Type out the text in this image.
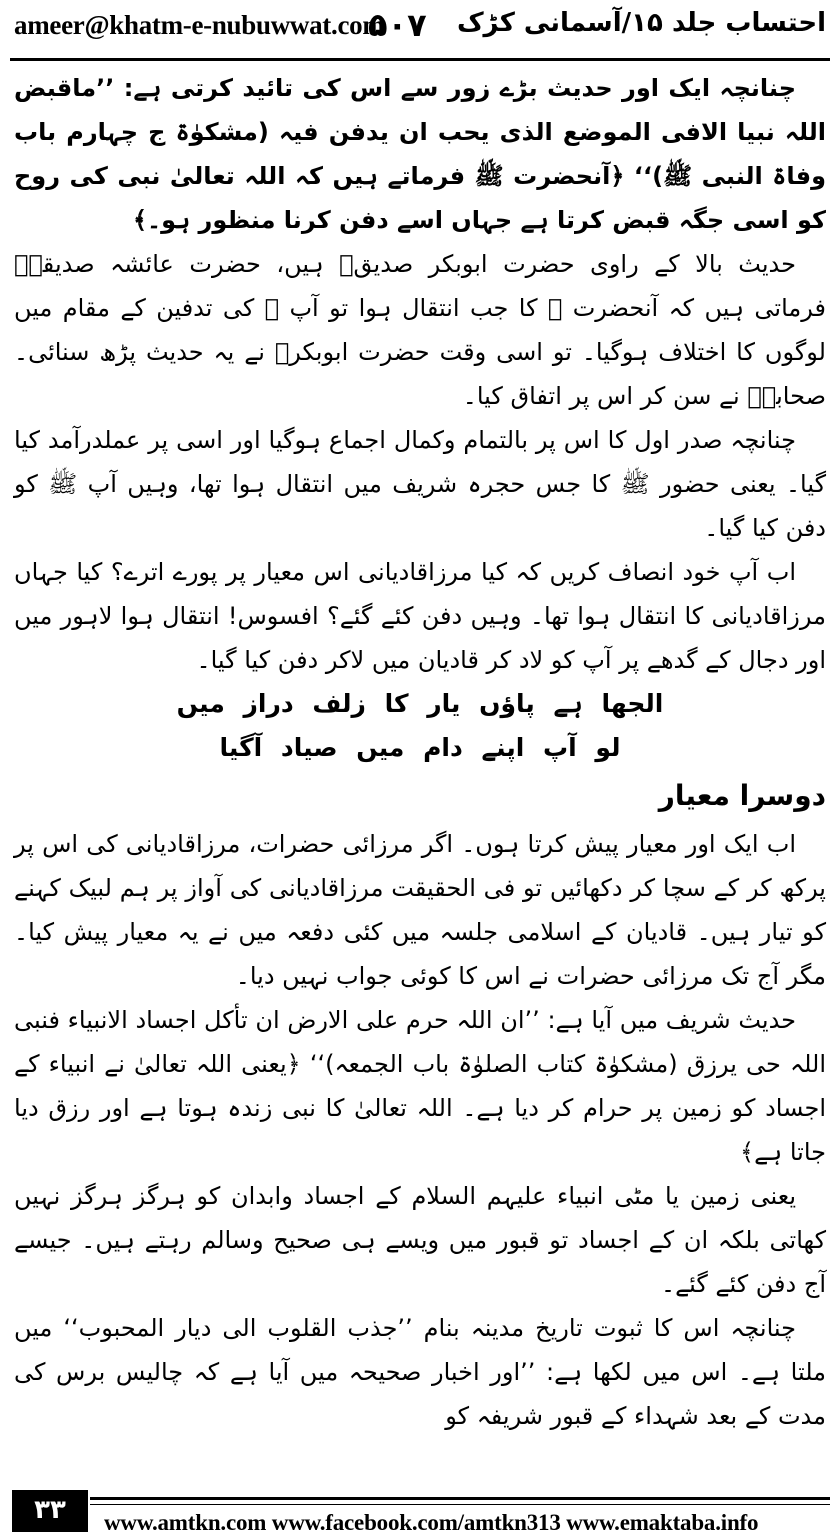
ameer@khatm-e-nubuwwat.com
۵۰۷ احتساب جلد ۱۵/آسمانی کڑک

چنانچہ ایک اور حدیث بڑے زور سے اس کی تائید کرتی ہے: ’’ماقبض اللہ نبیا الافی الموضع الذی یحب ان یدفن فیہ (مشکوٰۃ ج چہارم باب وفاۃ النبی ﷺ)‘‘ ﴿آنحضرت ﷺ فرماتے ہیں کہ اللہ تعالیٰ نبی کی روح کو اسی جگہ قبض کرتا ہے جہاں اسے دفن کرنا منظور ہو۔﴾

حدیث بالا کے راوی حضرت ابوبکر صدیقؓ ہیں، حضرت عائشہ صدیقہؓ فرماتی ہیں کہ آنحضرت ﷺ کا جب انتقال ہوا تو آپ ﷺ کی تدفین کے مقام میں لوگوں کا اختلاف ہوگیا۔ تو اسی وقت حضرت ابوبکرؓ نے یہ حدیث پڑھ سنائی۔ صحابہؓ نے سن کر اس پر اتفاق کیا۔

چنانچہ صدر اول کا اس پر بالتمام وکمال اجماع ہوگیا اور اسی پر عملدرآمد کیا گیا۔ یعنی حضور ﷺ کا جس حجرہ شریف میں انتقال ہوا تھا، وہیں آپ ﷺ کو دفن کیا گیا۔

اب آپ خود انصاف کریں کہ کیا مرزاقادیانی اس معیار پر پورے اترے؟ کیا جہاں مرزاقادیانی کا انتقال ہوا تھا۔ وہیں دفن کئے گئے؟ افسوس! انتقال ہوا لاہور میں اور دجال کے گدھے پر آپ کو لاد کر قادیان میں لاکر دفن کیا گیا۔

الجھا ہے پاؤں یار کا زلف دراز میں

لو آپ اپنے دام میں صیاد آگیا

دوسرا معیار

اب ایک اور معیار پیش کرتا ہوں۔ اگر مرزائی حضرات، مرزاقادیانی کی اس پر پرکھ کر کے سچا کر دکھائیں تو فی الحقیقت مرزاقادیانی کی آواز پر ہم لبیک کہنے کو تیار ہیں۔ قادیان کے اسلامی جلسہ میں کئی دفعہ میں نے یہ معیار پیش کیا۔ مگر آج تک مرزائی حضرات نے اس کا کوئی جواب نہیں دیا۔

حدیث شریف میں آیا ہے: ’’ان اللہ حرم علی الارض ان تأکل اجساد الانبیاء فنبی اللہ حی یرزق (مشکوٰۃ کتاب الصلوٰۃ باب الجمعہ)‘‘ ﴿یعنی اللہ تعالیٰ نے انبیاء کے اجساد کو زمین پر حرام کر دیا ہے۔ اللہ تعالیٰ کا نبی زندہ ہوتا ہے اور رزق دیا جاتا ہے﴾

یعنی زمین یا مٹی انبیاء علیہم السلام کے اجساد وابدان کو ہرگز ہرگز نہیں کھاتی بلکہ ان کے اجساد تو قبور میں ویسے ہی صحیح وسالم رہتے ہیں۔ جیسے آج دفن کئے گئے۔

چنانچہ اس کا ثبوت تاریخ مدینہ بنام ’’جذب القلوب الی دیار المحبوب‘‘ میں ملتا ہے۔ اس میں لکھا ہے: ’’اور اخبار صحیحہ میں آیا ہے کہ چالیس برس کی مدت کے بعد شہداء کے قبور شریفہ کو

۳۳	www.amtkn.com www.facebook.com/amtkn313 www.emaktaba.info
